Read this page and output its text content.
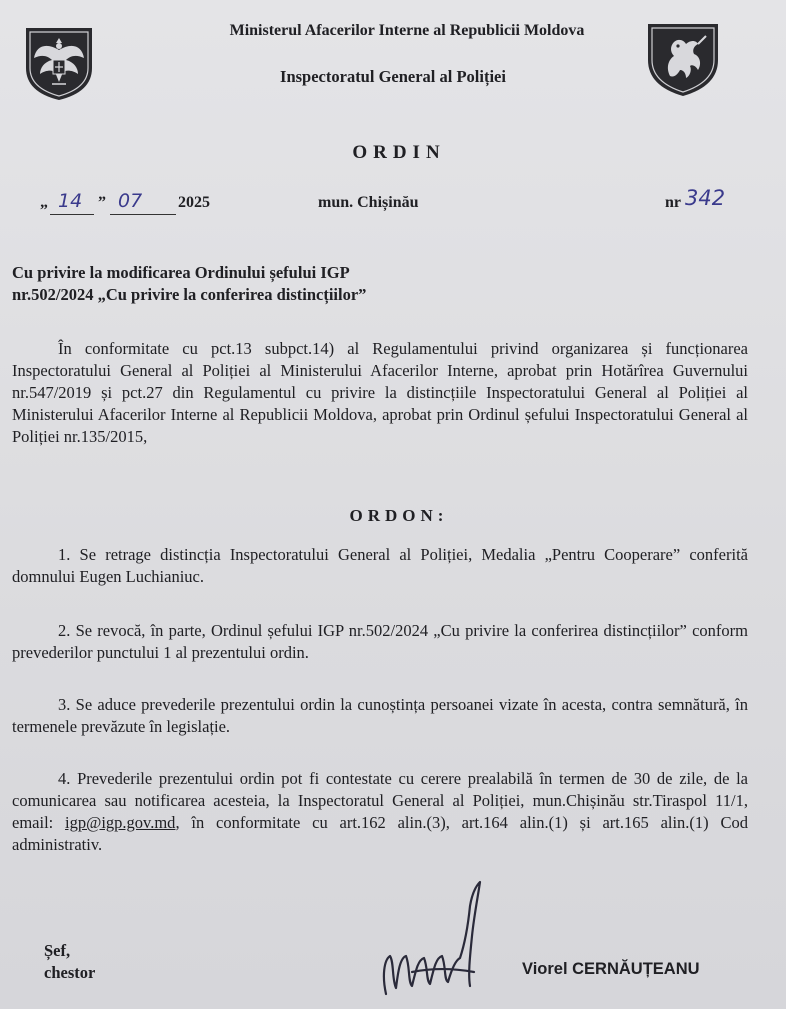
Ministerul Afacerilor Interne al Republicii Moldova
Inspectoratul General al Poliției
ORDIN
„ 14 ” 07 2025	mun. Chișinău	nr 342
Cu privire la modificarea Ordinului șefului IGP
nr.502/2024 „Cu privire la conferirea distincțiilor”
În conformitate cu pct.13 subpct.14) al Regulamentului privind organizarea și funcționarea Inspectoratului General al Poliției al Ministerului Afacerilor Interne, aprobat prin Hotărîrea Guvernului nr.547/2019 și pct.27 din Regulamentul cu privire la distincțiile Inspectoratului General al Poliției al Ministerului Afacerilor Interne al Republicii Moldova, aprobat prin Ordinul șefului Inspectoratului General al Poliției nr.135/2015,
ORDON:
1. Se retrage distincția Inspectoratului General al Poliției, Medalia „Pentru Cooperare” conferită domnului Eugen Luchianiuc.
2. Se revocă, în parte, Ordinul șefului IGP nr.502/2024 „Cu privire la conferirea distincțiilor” conform prevederilor punctului 1 al prezentului ordin.
3. Se aduce prevederile prezentului ordin la cunoștința persoanei vizate în acesta, contra semnătură, în termenele prevăzute în legislație.
4. Prevederile prezentului ordin pot fi contestate cu cerere prealabilă în termen de 30 de zile, de la comunicarea sau notificarea acesteia, la Inspectoratul General al Poliției, mun.Chișinău str.Tiraspol 11/1, email: igp@igp.gov.md, în conformitate cu art.162 alin.(3), art.164 alin.(1) și art.165 alin.(1) Cod administrativ.
Șef,
chestor	Viorel CERNĂUȚEANU
